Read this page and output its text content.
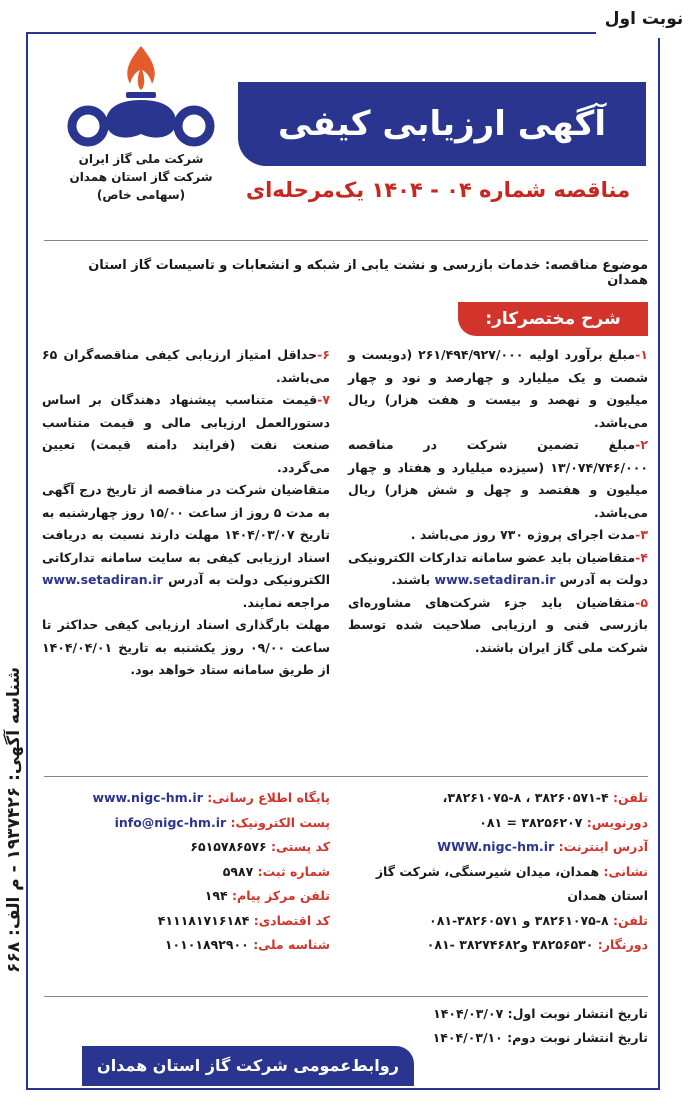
نوبت اول
شناسه آگهی: ۱۹۳۷۴۲۶ - م الف: ۶۶۸
شرکت ملی گاز ایران
شرکت گاز استان همدان
(سهامی خاص)
آگهی ارزیابی کیفی
مناقصه شماره ۰۴ - ۱۴۰۴ یک‌مرحله‌ای
موضوع مناقصه: خدمات بازرسی و نشت یابی از شبکه و انشعابات و تاسیسات گاز استان همدان
شرح مختصرکار:

۱-مبلغ برآورد اولیه ۲۶۱/۴۹۴/۹۲۷/۰۰۰ (دویست و شصت و یک میلیارد و چهارصد و نود و چهار میلیون و نهصد و بیست و هفت هزار) ریال می‌باشد.

۲-مبلغ تضمین شرکت در مناقصه ۱۳/۰۷۴/۷۴۶/۰۰۰ (سیزده میلیارد و هفتاد و چهار میلیون و هفتصد و چهل و شش هزار) ریال می‌باشد.

۳-مدت اجرای پروژه ۷۳۰ روز می‌باشد .

۴-متقاضیان باید عضو سامانه تدارکات الکترونیکی دولت به آدرس www.setadiran.ir باشند.

۵-متقاضیان باید جزء شرکت‌های مشاوره‌ای بازرسی فنی و ارزیابی صلاحیت شده توسط شرکت ملی گاز ایران باشند.

۶-حداقل امتیاز ارزیابی کیفی مناقصه‌گران ۶۵ می‌باشد.

۷-قیمت متناسب پیشنهاد دهندگان بر اساس دستورالعمل ارزیابی مالی و قیمت متناسب صنعت نفت (فرایند دامنه قیمت) تعیین می‌گردد.

متقاضیان شرکت در مناقصه از تاریخ درج آگهی به مدت ۵ روز از ساعت ۱۵/۰۰ روز چهارشنبه به تاریخ ۱۴۰۴/۰۳/۰۷ مهلت دارند نسبت به دریافت اسناد ارزیابی کیفی به سایت سامانه تدارکاتی الکترونیکی دولت به آدرس www.setadiran.ir مراجعه نمایند.

مهلت بارگذاری اسناد ارزیابی کیفی حداکثر تا ساعت ۰۹/۰۰ روز یکشنبه به تاریخ ۱۴۰۴/۰۴/۰۱ از طریق سامانه ستاد خواهد بود.

تلفن: ۴-۳۸۲۶۰۵۷۱ ، ۸-۳۸۲۶۱۰۷۵،
دورنویس: ۳۸۲۵۶۲۰۷ = ۰۸۱
آدرس اینترنت: WWW.nigc-hm.ir
نشانی: همدان، میدان شیرسنگی، شرکت گاز استان همدان
تلفن: ۸-۳۸۲۶۱۰۷۵ و ۳۸۲۶۰۵۷۱-۰۸۱
دورنگار: ۳۸۲۵۶۵۳۰ و۳۸۲۷۴۶۸۲ -۰۸۱
پایگاه اطلاع رسانی: www.nigc-hm.ir
پست الکترونیک: info@nigc-hm.ir
کد پستی: ۶۵۱۵۷۸۶۵۷۶
شماره ثبت: ۵۹۸۷
تلفن مرکز پیام: ۱۹۴
کد اقتصادی: ۴۱۱۱۸۱۷۱۶۱۸۴
شناسه ملی: ۱۰۱۰۱۸۹۲۹۰۰
تاریخ انتشار نوبت اول: ۱۴۰۴/۰۳/۰۷
تاریخ انتشار نوبت دوم: ۱۴۰۴/۰۳/۱۰
روابط‌عمومی شرکت گاز استان همدان
